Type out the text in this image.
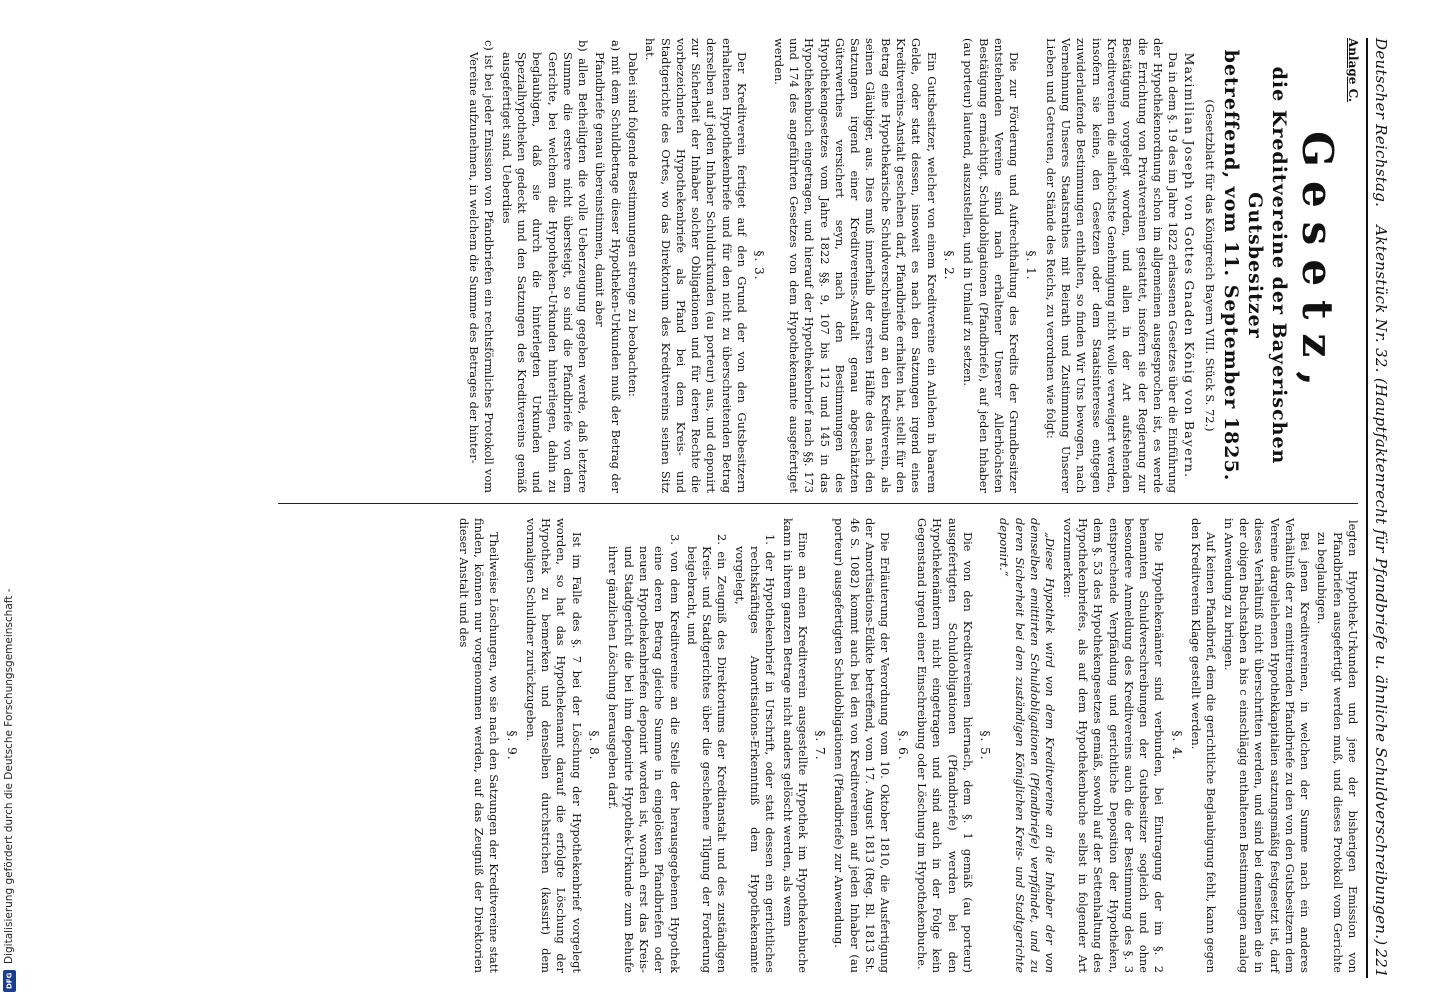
Deutscher Reichstag.
Aktenstück Nr. 32. (Hauptfaktenrecht für Pfandbriefe u. ähnliche Schuldverschreibungen.)
221
Anlage C.
Gesetz,
die Kreditvereine der Bayerischen Gutsbesitzer
betreffend, vom 11. September 1825.
(Gesetzblatt für das Königreich Bayern VIII. Stück S. 72.)
Maximilian Joseph von Gottes Gnaden König von Bayern.

Da in dem §. 19 des im Jahre 1822 erlassenen Gesetzes über die Einführung der Hypothekenordnung schon im allgemeinen ausgesprochen ist, es werde die Errichtung von Privatvereinen gestattet, insofern sie der Regierung zur Bestätigung vorgelegt worden, und allen in der Art aufstehenden Kreditvereinen die allerhöchste Genehmigung nicht wolle verweigert werden, insofern sie keine, den Gesetzen oder dem Staatsinteresse entgegen zuwiderlaufende Bestimmungen enthalten, so finden Wir Uns bewogen, nach Vernehmung Unseres Staatsrathes mit Beirath und Zustimmung Unserer Lieben und Getreuen, der Stände des Reichs, zu verordnen wie folgt:

§. 1.

Die zur Förderung und Aufrechthaltung des Kredits der Grundbesitzer entstehenden Vereine sind nach erhaltener Unserer Allerhöchsten Bestätigung ermächtigt, Schuldobligationen (Pfandbriefe), auf jeden Inhaber (au porteur) lautend, auszustellen, und in Umlauf zu setzen.

§. 2.

Ein Gutsbesitzer, welcher von einem Kreditvereine ein Anlehen in baarem Gelde, oder statt dessen, insoweit es nach den Satzungen irgend eines Kreditvereins-Anstalt geschehen darf, Pfandbriefe erhalten hat, stellt für den Betrag eine Hypothekarische Schuldverschreibung an den Kreditverein, als seinen Gläubiger, aus. Dies muß innerhalb der ersten Hälfte des nach den Satzungen irgend einer Kreditvereins-Anstalt genau abgeschätzten Güterwerthes versichert seyn, nach den Bestimmungen des Hypothekengesetzes vom Jahre 1822 §§. 9, 107 bis 112 und 145 in das Hypothekenbuch eingetragen, und hierauf der Hypothekenbrief nach §§. 173 und 174 des angeführten Gesetzes von dem Hypothekenamte ausgefertiget werden.

§. 3.

Der Kreditverein fertiget auf den Grund der von den Gutsbesitzern erhaltenen Hypothekenbriefe und für den nicht zu überschreitenden Betrag derselben auf jeden Inhaber Schuldurkunden (au porteur) aus, und deponirt zur Sicherheit der Inhaber solcher Obligationen und für deren Rechte die vorbezeichneten Hypothekenbriefe als Pfand bei dem Kreis- und Stadtgerichte des Ortes, wo das Direktorium des Kreditvereins seinen Sitz hat.

Dabei sind folgende Bestimmungen strenge zu beobachten:

a) mit dem Schuldbetrage dieser Hypotheken-Urkunden muß der Betrag der Pfandbriefe genau übereinstimmen, damit aber

b) allen Betheiligten die volle Ueberzeugung gegeben werde, daß letztere Summe die erstere nicht übersteigt, so sind die Pfandbriefe von dem Gerichte, bei welchem die Hypotheken-Urkunden hinterliegen, dahin zu beglaubigen, daß sie durch die hinterlegten Urkunden und Spezialhypotheken gedeckt und den Satzungen des Kreditvereins gemäß ausgefertiget sind. Ueberdies

c) ist bei jeder Emission von Pfandbriefen ein rechtsförmliches Protokoll vom Vereine aufzunehmen, in welchem die Summe des Betrages der hinter-

legten Hypothek-Urkunden und jene der bisherigen Emission von Pfandbriefen ausgefertigt werden muß, und dieses Protokoll vom Gerichte zu beglaubigen.

Bei jenen Kreditvereinen, in welchen der Summe nach ein anderes Verhältniß der zu emittirenden Pfandbriefe zu den von den Gutsbesitzern dem Vereine dargeliehenen Hypothekkapitalien satzungsmäßig festgesetzt ist, darf dieses Verhältniß nicht überschritten werden, und sind bei demselben die in der obigen Buchstaben a bis c einschlägig enthaltenen Bestimmungen analog in Anwendung zu bringen.

Auf keinen Pfandbrief, dem die gerichtliche Beglaubigung fehlt, kann gegen den Kreditverein Klage gestellt werden.

§. 4.

Die Hypothekenämter sind verbunden, bei Eintragung der im §. 2 benannten Schuldverschreibungen der Gutsbesitzer sogleich und ohne besondere Anmeldung des Kreditvereins auch die der Bestimmung des §. 3 entsprechende Verpfändung und gerichtliche Deposition der Hypotheken, dem §. 53 des Hypothekengesetzes gemäß, sowohl auf der Settenhaltung des Hypothekenbriefes, als auf dem Hypothekenbuche selbst in folgender Art vorzumerken:

„Diese Hypothek wird von dem Kreditvereine an die Inhaber der von demselben emittirten Schuldobligationen (Pfandbriefe) verpfändet, und zu deren Sicherheit bei dem zuständigen Königlichen Kreis- und Stadtgerichte deponirt.“

§. 5.

Die von den Kreditvereinen hiernach, dem §. 1 gemäß (au porteur) ausgefertigten Schuldobligationen (Pfandbriefe) werden bei den Hypothekenämtern nicht eingetragen und sind auch in der Folge kein Gegenstand irgend einer Einschreibung oder Löschung im Hypothekenbuche.

§. 6.

Die Erläuterung der Verordnung vom 10. Oktober 1810, die Ausfertigung der Amortisations-Edikte betreffend, vom 17. August 1813 (Reg. Bl. 1813 St. 46 S. 1082) kommt auch bei den von Kreditvereinen auf jeden Inhaber (au porteur) ausgefertigten Schuldobligationen (Pfandbriefe) zur Anwendung.

§. 7.

Eine an einen Kreditverein ausgestellte Hypothek im Hypothekenbuche kann in ihrem ganzen Betrage nicht anders gelöscht werden, als wenn

1. der Hypothekenbrief in Urschrift, oder statt dessen ein gerichtliches rechtskräftiges Amortisations-Erkenntniß dem Hypothekenamte vorgelegt,

2. ein Zeugniß des Direktoriums der Kreditanstalt und des zuständigen Kreis- und Stadtgerichtes über die geschehene Tilgung der Forderung beigebracht, und

3. von dem Kreditvereine an die Stelle der herausgegebenen Hypothek eine deren Betrag gleiche Summe in eingelösten Pfandbriefen oder neuen Hypothekenbriefen deponirt worden ist, wonach erst das Kreis- und Stadtgericht die bei ihm deponirte Hypothek-Urkunde zum Behufe ihrer gänzlichen Löschung herausgeben darf.

§. 8.

Ist im Falle des §. 7 bei der Löschung der Hypothekenbrief vorgelegt worden, so hat das Hypothekenamt darauf die erfolgte Löschung der Hypothek zu bemerken und denselben durchstrichen (kassirt) dem vormaligen Schuldner zurückzugeben.

§. 9.

Theilweise Löschungen, wo sie nach den Satzungen der Kreditvereine statt finden, können nur vorgenommen werden, auf das Zeugniß der Direktorien dieser Anstalt und des

Digitalisierung gefördert durch die Deutsche Forschungsgemeinschaft -
DFG
